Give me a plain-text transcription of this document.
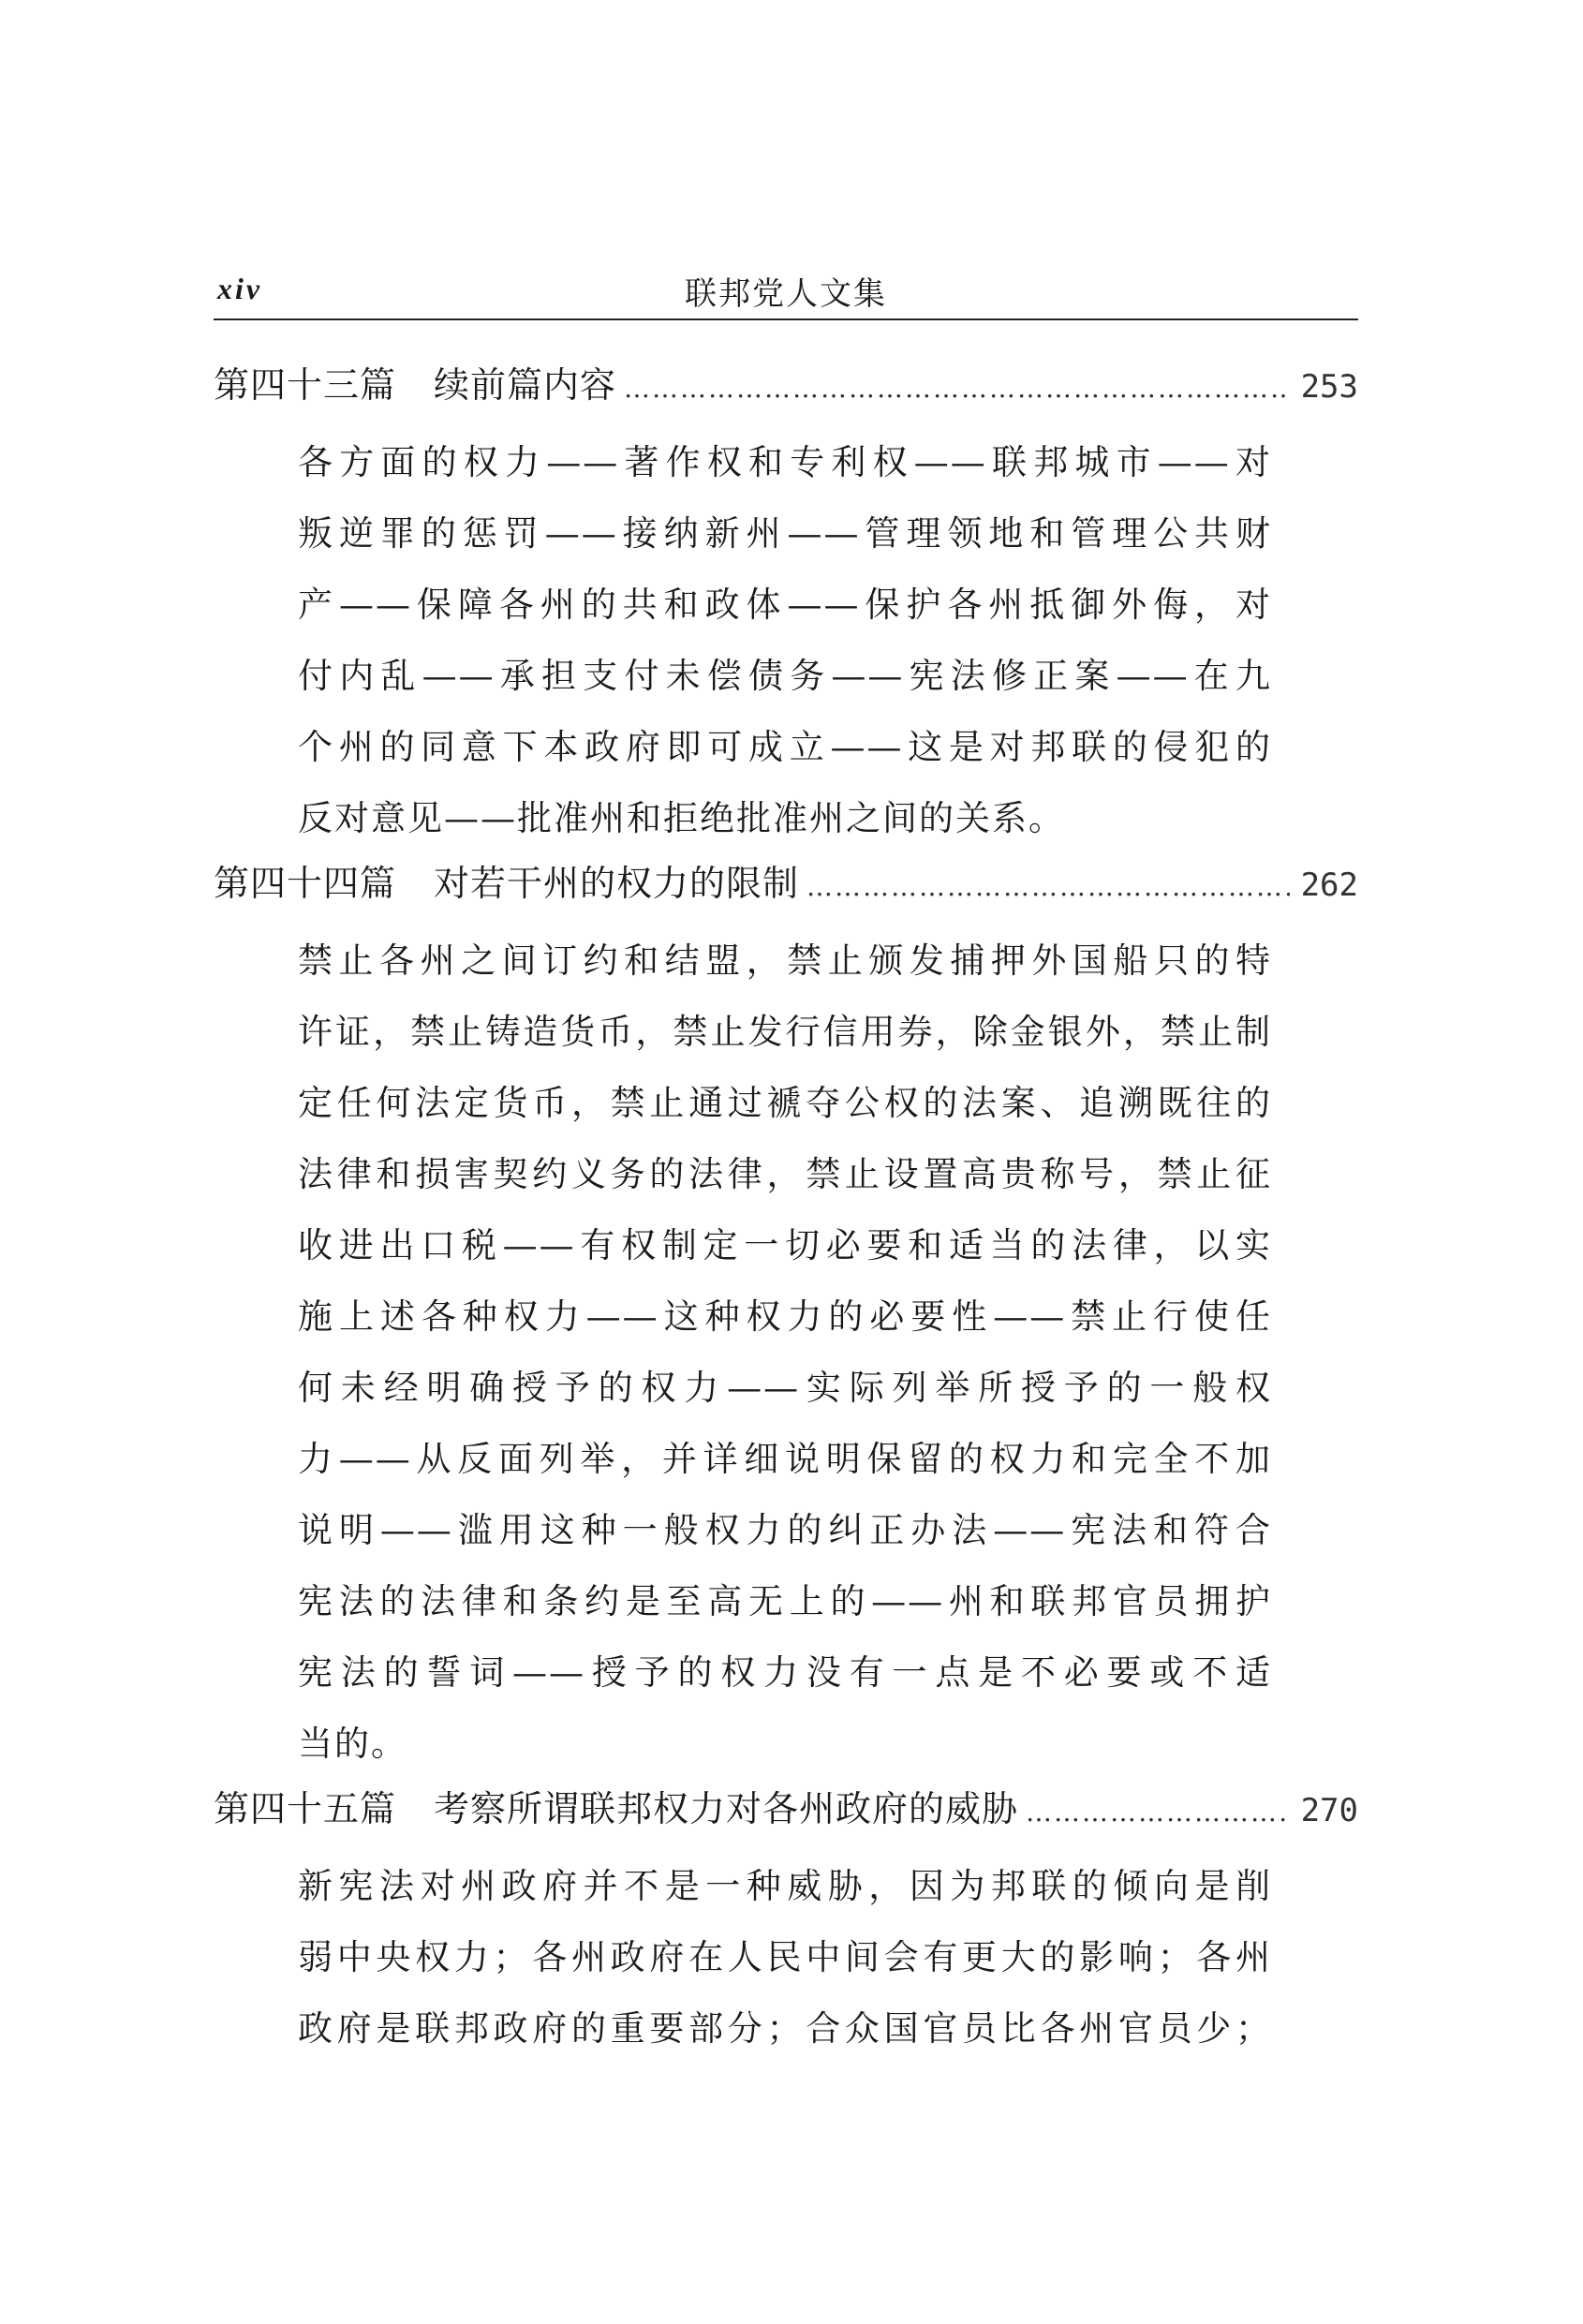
xiv	联邦党人文集
第四十三篇 续前篇内容 ……………………………………………………………………………………………………………………………………………	253
各方面的权力——著作权和专利权——联邦城市——对
叛逆罪的惩罚——接纳新州——管理领地和管理公共财
产——保障各州的共和政体——保护各州抵御外侮，对
付内乱——承担支付未偿债务——宪法修正案——在九
个州的同意下本政府即可成立——这是对邦联的侵犯的
反对意见——批准州和拒绝批准州之间的关系。
第四十四篇 对若干州的权力的限制 ……………………………………………………………………………………………………………………………………………	262
禁止各州之间订约和结盟，禁止颁发捕押外国船只的特
许证，禁止铸造货币，禁止发行信用券，除金银外，禁止制
定任何法定货币，禁止通过褫夺公权的法案、追溯既往的
法律和损害契约义务的法律，禁止设置高贵称号，禁止征
收进出口税——有权制定一切必要和适当的法律，以实
施上述各种权力——这种权力的必要性——禁止行使任
何未经明确授予的权力——实际列举所授予的一般权
力——从反面列举，并详细说明保留的权力和完全不加
说明——滥用这种一般权力的纠正办法——宪法和符合
宪法的法律和条约是至高无上的——州和联邦官员拥护
宪法的誓词——授予的权力没有一点是不必要或不适
当的。
第四十五篇 考察所谓联邦权力对各州政府的威胁 ……………………………………………………………………………………………………………………………………………	270
新宪法对州政府并不是一种威胁，因为邦联的倾向是削
弱中央权力；各州政府在人民中间会有更大的影响；各州
政府是联邦政府的重要部分；合众国官员比各州官员少；
